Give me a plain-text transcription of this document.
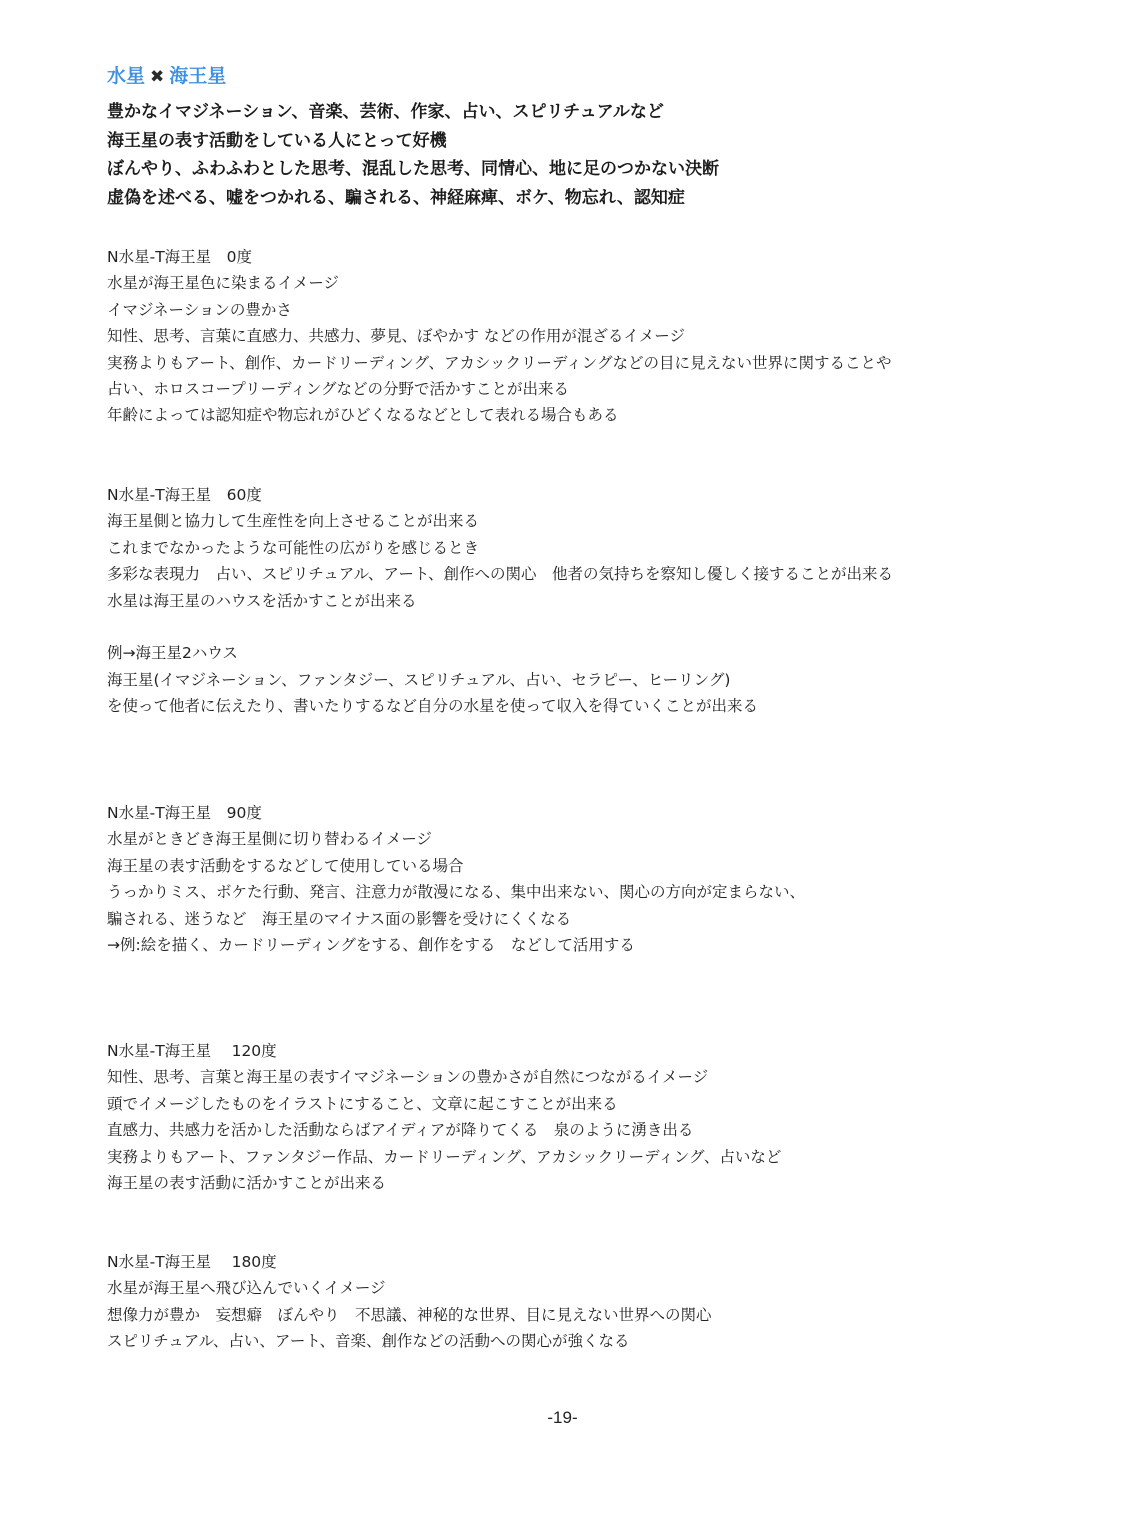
水星 ✖ 海王星
豊かなイマジネーション、音楽、芸術、作家、占い、スピリチュアルなど
海王星の表す活動をしている人にとって好機
ぼんやり、ふわふわとした思考、混乱した思考、同情心、地に足のつかない決断
虚偽を述べる、嘘をつかれる、騙される、神経麻痺、ボケ、物忘れ、認知症
N水星-T海王星　0度
水星が海王星色に染まるイメージ
イマジネーションの豊かさ
知性、思考、言葉に直感力、共感力、夢見、ぼやかす などの作用が混ざるイメージ
実務よりもアート、創作、カードリーディング、アカシックリーディングなどの目に見えない世界に関することや
占い、ホロスコープリーディングなどの分野で活かすことが出来る
年齢によっては認知症や物忘れがひどくなるなどとして表れる場合もある
N水星-T海王星　60度
海王星側と協力して生産性を向上させることが出来る
これまでなかったような可能性の広がりを感じるとき
多彩な表現力　占い、スピリチュアル、アート、創作への関心　他者の気持ちを察知し優しく接することが出来る
水星は海王星のハウスを活かすことが出来る
例→海王星2ハウス
海王星(イマジネーション、ファンタジー、スピリチュアル、占い、セラピー、ヒーリング)
を使って他者に伝えたり、書いたりするなど自分の水星を使って収入を得ていくことが出来る
N水星-T海王星　90度
水星がときどき海王星側に切り替わるイメージ
海王星の表す活動をするなどして使用している場合
うっかりミス、ボケた行動、発言、注意力が散漫になる、集中出来ない、関心の方向が定まらない、
騙される、迷うなど　海王星のマイナス面の影響を受けにくくなる
→例:絵を描く、カードリーディングをする、創作をする　などして活用する
N水星-T海王星　 120度
知性、思考、言葉と海王星の表すイマジネーションの豊かさが自然につながるイメージ
頭でイメージしたものをイラストにすること、文章に起こすことが出来る
直感力、共感力を活かした活動ならばアイディアが降りてくる　泉のように湧き出る
実務よりもアート、ファンタジー作品、カードリーディング、アカシックリーディング、占いなど
海王星の表す活動に活かすことが出来る
N水星-T海王星　 180度
水星が海王星へ飛び込んでいくイメージ
想像力が豊か　妄想癖　ぼんやり　不思議、神秘的な世界、目に見えない世界への関心
スピリチュアル、占い、アート、音楽、創作などの活動への関心が強くなる
-19-
